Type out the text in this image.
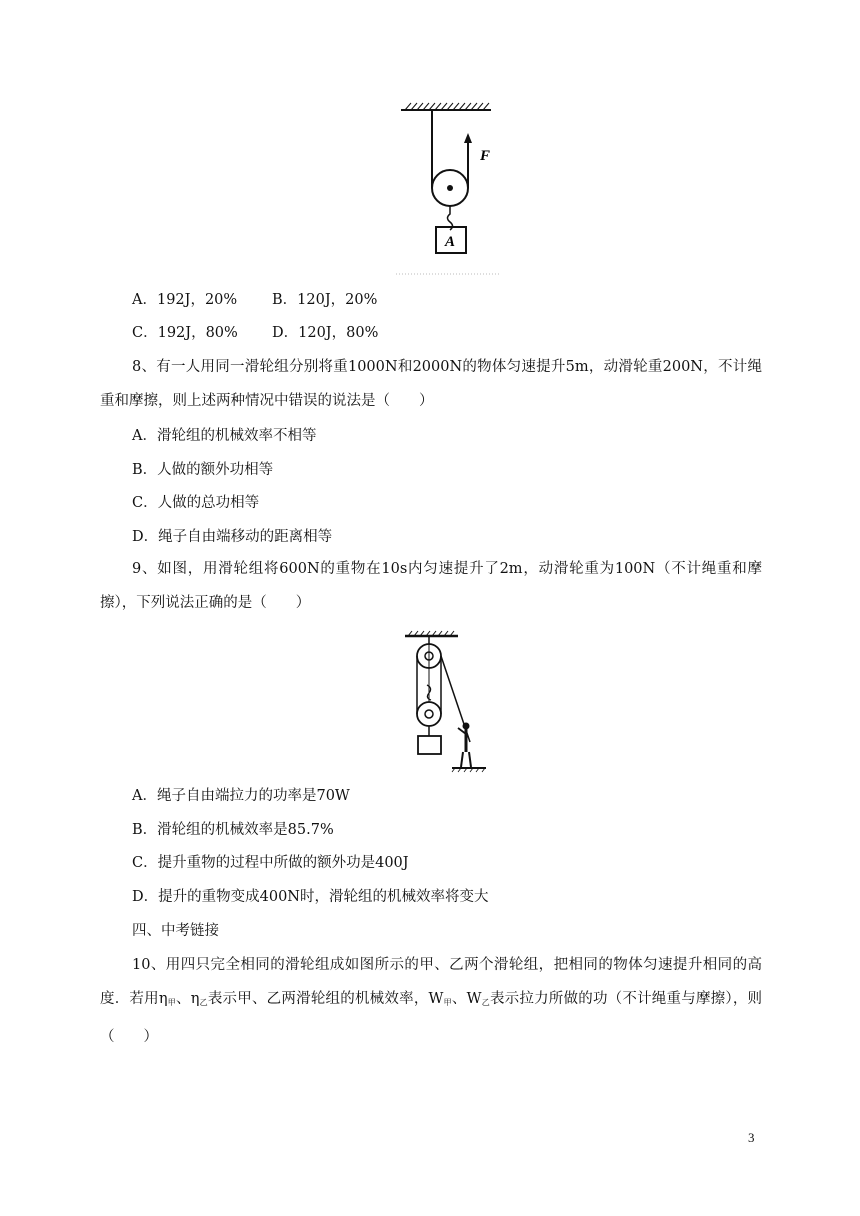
F
A
A．192J，20% B．120J，20%
C．192J，80% D．120J，80%
8、有一人用同一滑轮组分别将重1000N和2000N的物体匀速提升5m，动滑轮重200N，不计绳重和摩擦，则上述两种情况中错误的说法是（　　）
A．滑轮组的机械效率不相等
B．人做的额外功相等
C．人做的总功相等
D．绳子自由端移动的距离相等
9、如图，用滑轮组将600N的重物在10s内匀速提升了2m，动滑轮重为100N（不计绳重和摩擦），下列说法正确的是（　　）
A．绳子自由端拉力的功率是70W
B．滑轮组的机械效率是85.7%
C．提升重物的过程中所做的额外功是400J
D．提升的重物变成400N时，滑轮组的机械效率将变大
四、中考链接
10、用四只完全相同的滑轮组成如图所示的甲、乙两个滑轮组，把相同的物体匀速提升相同的高度．若用$\eta_甲$、$\eta_乙$表示甲、乙两滑轮组的机械效率，$W_甲$、$W_乙$表示拉力所做的功（不计绳重与摩擦），则（　　）
3
